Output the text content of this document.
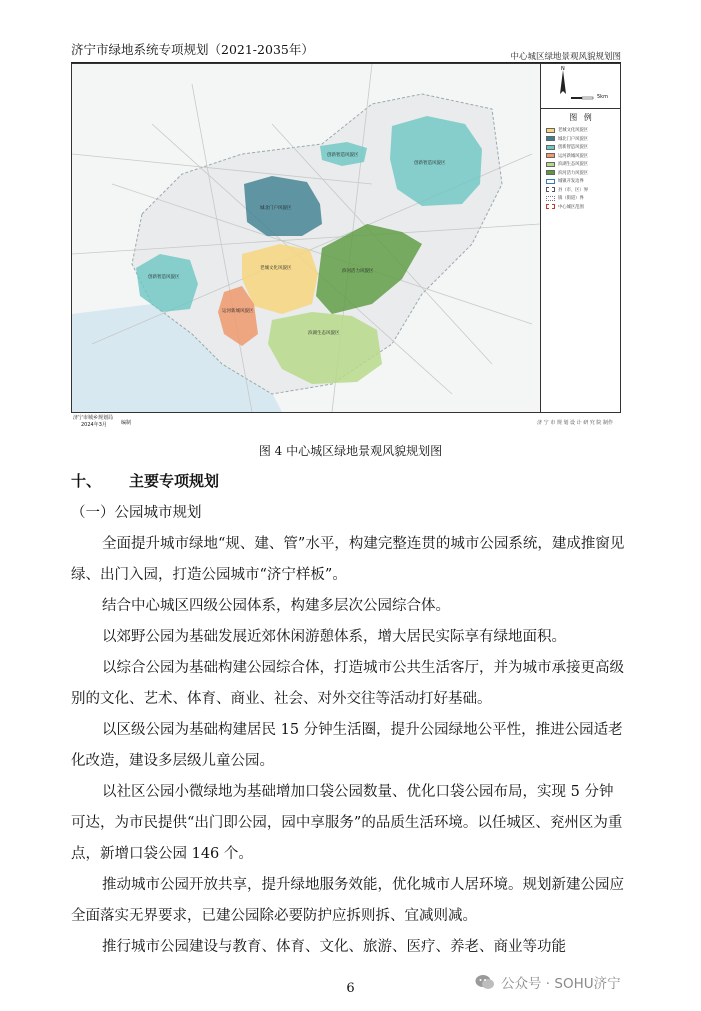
济宁市绿地系统专项规划（2021-2035年）	中心城区绿地景观风貌规划图
城北门户风貌区
创新智造风貌区
创新智造风貌区
创新智造风貌区
老城文化风貌区
运河新城风貌区
滨河活力风貌区
滨湖生态风貌区
N
5km
图 例
老城文化风貌区
城北门户风貌区
创新智造风貌区
运河新城风貌区
滨湖生态风貌区
滨河活力风貌区
城镇开发边界
县（市、区）界
镇（街道）界
中心城区范围
济宁市城乡规划局
2024年3月	编制	济 宁 市 规 划 设 计 研 究 院 制作
图 4 中心城区绿地景观风貌规划图
十、 主要专项规划
（一）公园城市规划

全面提升城市绿地“规、建、管”水平，构建完整连贯的城市公园系统，建成推窗见绿、出门入园，打造公园城市“济宁样板”。

结合中心城区四级公园体系，构建多层次公园综合体。

以郊野公园为基础发展近郊休闲游憩体系，增大居民实际享有绿地面积。

以综合公园为基础构建公园综合体，打造城市公共生活客厅，并为城市承接更高级别的文化、艺术、体育、商业、社会、对外交往等活动打好基础。

以区级公园为基础构建居民 15 分钟生活圈，提升公园绿地公平性，推进公园适老化改造，建设多层级儿童公园。

以社区公园小微绿地为基础增加口袋公园数量、优化口袋公园布局，实现 5 分钟可达，为市民提供“出门即公园，园中享服务”的品质生活环境。以任城区、兖州区为重点，新增口袋公园 146 个。

推动城市公园开放共享，提升绿地服务效能，优化城市人居环境。规划新建公园应全面落实无界要求，已建公园除必要防护应拆则拆、宜减则减。

推行城市公园建设与教育、体育、文化、旅游、医疗、养老、商业等功能

6	公众号 · SOHU济宁
